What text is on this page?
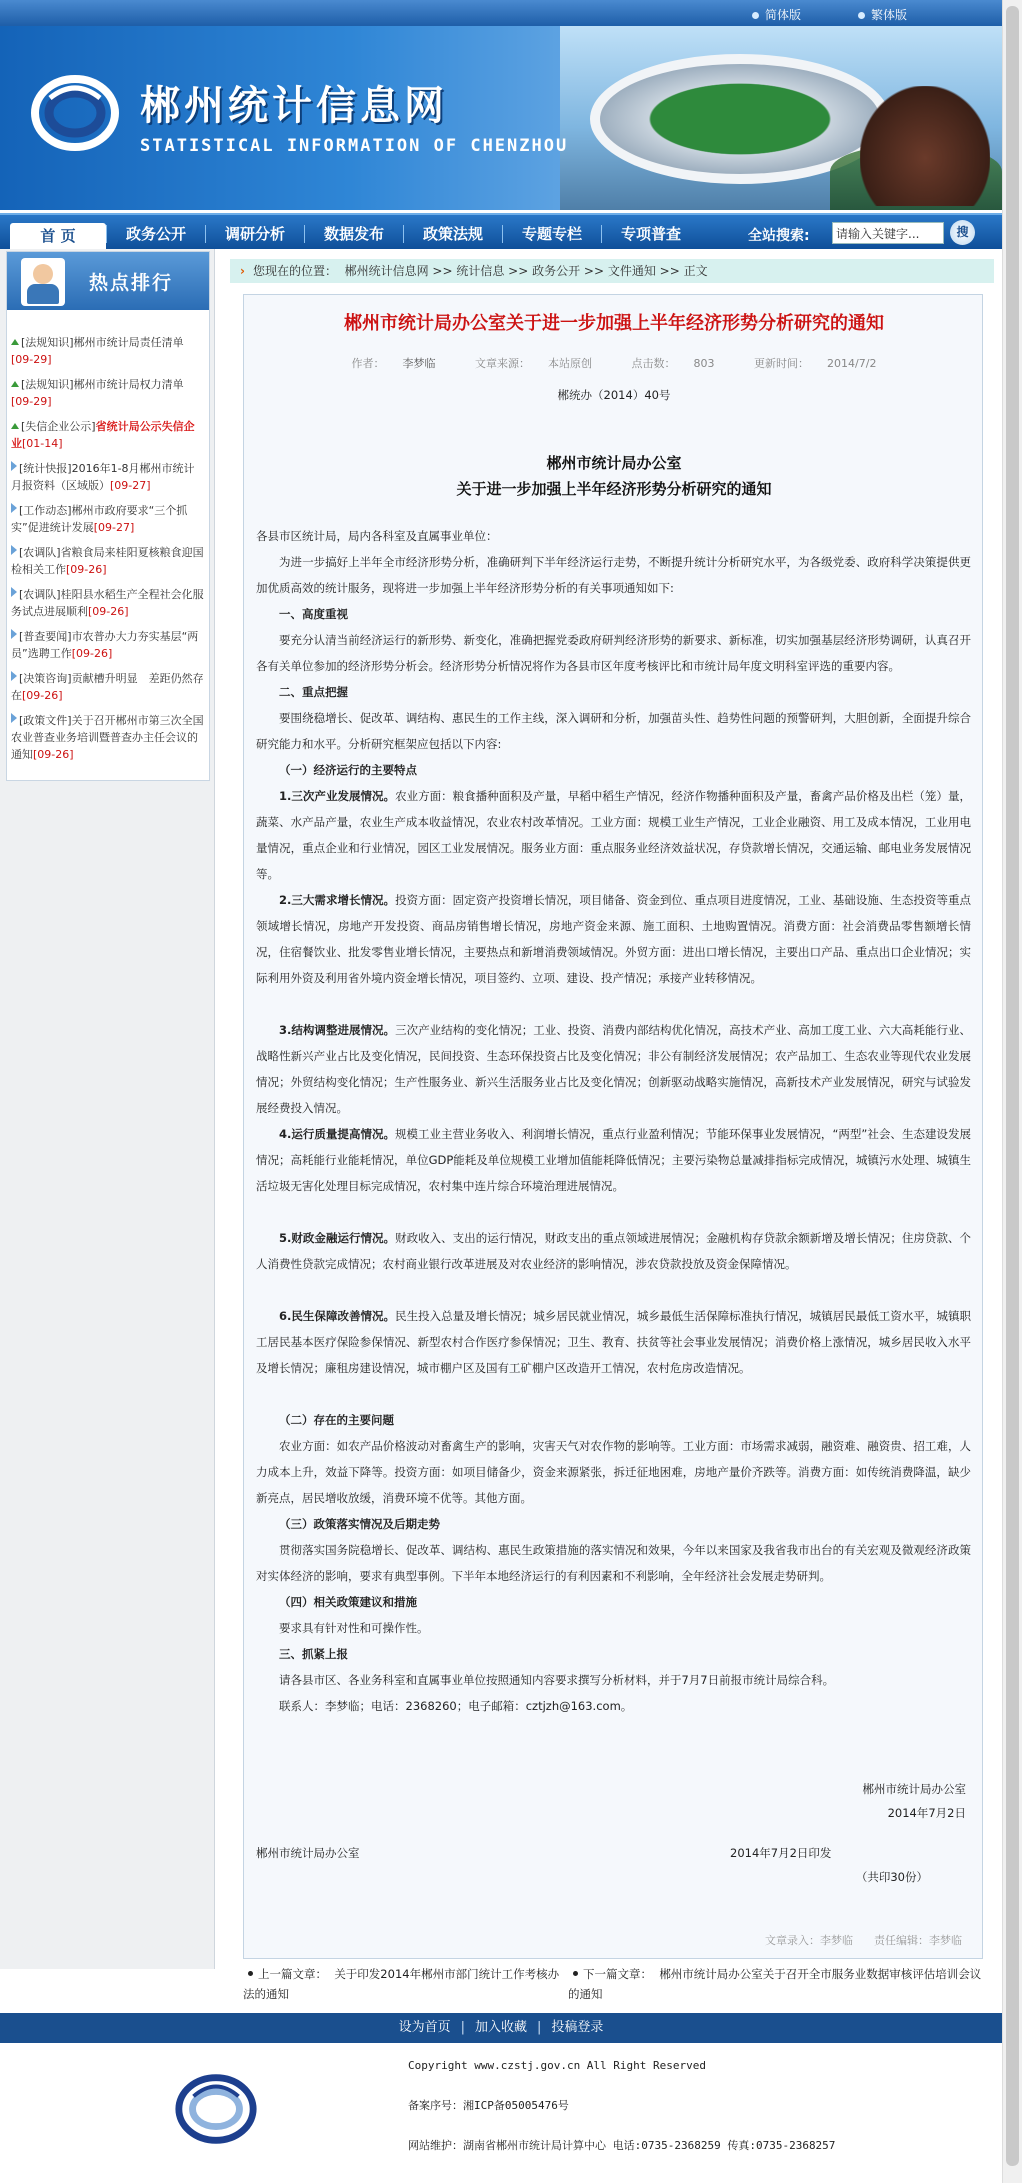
简体版	繁体版
郴州统计信息网
STATISTICAL INFORMATION OF CHENZHOU
首 页	政务公开	调研分析	数据发布	政策法规	专题专栏	专项普查	全站搜索:
请输入关键字...	搜
热点排行
[法规知识]郴州市统计局责任清单[09-29]
[法规知识]郴州市统计局权力清单[09-29]
[失信企业公示]省统计局公示失信企业[01-14]
[统计快报]2016年1-8月郴州市统计月报资料（区域版）[09-27]
[工作动态]郴州市政府要求“三个抓实”促进统计发展[09-27]
[农调队]省粮食局来桂阳夏核粮食迎国检相关工作[09-26]
[农调队]桂阳县水稻生产全程社会化服务试点进展顺利[09-26]
[普查要闻]市农普办大力夯实基层“两员”选聘工作[09-26]
[决策咨询]贡献槽升明显　差距仍然存在[09-26]
[政策文件]关于召开郴州市第三次全国农业普查业务培训暨普查办主任会议的通知[09-26]
› 您现在的位置： 郴州统计信息网 >> 统计信息 >> 政务公开 >> 文件通知 >> 正文
郴州市统计局办公室关于进一步加强上半年经济形势分析研究的通知
作者： 李梦临	文章来源： 本站原创	点击数： 803	更新时间： 2014/7/2
郴统办（2014）40号
郴州市统计局办公室
关于进一步加强上半年经济形势分析研究的通知
各县市区统计局，局内各科室及直属事业单位：
为进一步搞好上半年全市经济形势分析，准确研判下半年经济运行走势，不断提升统计分析研究水平，为各级党委、政府科学决策提供更加优质高效的统计服务，现将进一步加强上半年经济形势分析的有关事项通知如下:
一、高度重视
要充分认清当前经济运行的新形势、新变化，准确把握党委政府研判经济形势的新要求、新标准，切实加强基层经济形势调研，认真召开各有关单位参加的经济形势分析会。经济形势分析情况将作为各县市区年度考核评比和市统计局年度文明科室评选的重要内容。
二、重点把握
要围绕稳增长、促改革、调结构、惠民生的工作主线，深入调研和分析，加强苗头性、趋势性问题的预警研判，大胆创新，全面提升综合研究能力和水平。分析研究框架应包括以下内容:
（一）经济运行的主要特点
1.三次产业发展情况。农业方面：粮食播种面积及产量，早稻中稻生产情况，经济作物播种面积及产量，畜禽产品价格及出栏（笼）量，蔬菜、水产品产量，农业生产成本收益情况，农业农村改革情况。工业方面：规模工业生产情况，工业企业融资、用工及成本情况，工业用电量情况，重点企业和行业情况，园区工业发展情况。服务业方面：重点服务业经济效益状况，存贷款增长情况，交通运输、邮电业务发展情况等。
2.三大需求增长情况。投资方面：固定资产投资增长情况，项目储备、资金到位、重点项目进度情况，工业、基础设施、生态投资等重点领域增长情况，房地产开发投资、商品房销售增长情况，房地产资金来源、施工面积、土地购置情况。消费方面：社会消费品零售额增长情况，住宿餐饮业、批发零售业增长情况，主要热点和新增消费领域情况。外贸方面：进出口增长情况，主要出口产品、重点出口企业情况；实际利用外资及利用省外境内资金增长情况，项目签约、立项、建设、投产情况；承接产业转移情况。
3.结构调整进展情况。三次产业结构的变化情况；工业、投资、消费内部结构优化情况，高技术产业、高加工度工业、六大高耗能行业、战略性新兴产业占比及变化情况，民间投资、生态环保投资占比及变化情况；非公有制经济发展情况；农产品加工、生态农业等现代农业发展情况；外贸结构变化情况；生产性服务业、新兴生活服务业占比及变化情况；创新驱动战略实施情况，高新技术产业发展情况，研究与试验发展经费投入情况。
4.运行质量提高情况。规模工业主营业务收入、利润增长情况，重点行业盈利情况；节能环保事业发展情况，“两型”社会、生态建设发展情况；高耗能行业能耗情况，单位GDP能耗及单位规模工业增加值能耗降低情况；主要污染物总量减排指标完成情况，城镇污水处理、城镇生活垃圾无害化处理目标完成情况，农村集中连片综合环境治理进展情况。
5.财政金融运行情况。财政收入、支出的运行情况，财政支出的重点领域进展情况；金融机构存贷款余额新增及增长情况；住房贷款、个人消费性贷款完成情况；农村商业银行改革进展及对农业经济的影响情况，涉农贷款投放及资金保障情况。
6.民生保障改善情况。民生投入总量及增长情况；城乡居民就业情况，城乡最低生活保障标准执行情况，城镇居民最低工资水平，城镇职工居民基本医疗保险参保情况、新型农村合作医疗参保情况；卫生、教育、扶贫等社会事业发展情况；消费价格上涨情况，城乡居民收入水平及增长情况；廉租房建设情况，城市棚户区及国有工矿棚户区改造开工情况，农村危房改造情况。
（二）存在的主要问题
农业方面：如农产品价格波动对畜禽生产的影响，灾害天气对农作物的影响等。工业方面：市场需求减弱，融资难、融资贵、招工难，人力成本上升，效益下降等。投资方面：如项目储备少，资金来源紧张，拆迁征地困难，房地产量价齐跌等。消费方面：如传统消费降温，缺少新亮点，居民增收放缓，消费环境不优等。其他方面。
（三）政策落实情况及后期走势
贯彻落实国务院稳增长、促改革、调结构、惠民生政策措施的落实情况和效果，今年以来国家及我省我市出台的有关宏观及微观经济政策对实体经济的影响，要求有典型事例。下半年本地经济运行的有利因素和不利影响，全年经济社会发展走势研判。
（四）相关政策建议和措施
要求具有针对性和可操作性。
三、抓紧上报
请各县市区、各业务科室和直属事业单位按照通知内容要求撰写分析材料，并于7月7日前报市统计局综合科。
联系人：李梦临；电话：2368260；电子邮箱：cztjzh@163.com。
郴州市统计局办公室
2014年7月2日
郴州市统计局办公室	2014年7月2日印发
（共印30份）
文章录入：李梦临 责任编辑：李梦临
上一篇文章： 关于印发2014年郴州市部门统计工作考核办法的通知
下一篇文章： 郴州市统计局办公室关于召开全市服务业数据审核评估培训会议的通知
设为首页 | 加入收藏 | 投稿登录
Copyright www.czstj.gov.cn All Right Reserved
备案序号：湘ICP备05005476号
网站维护：湖南省郴州市统计局计算中心 电话:0735-2368259 传真:0735-2368257
